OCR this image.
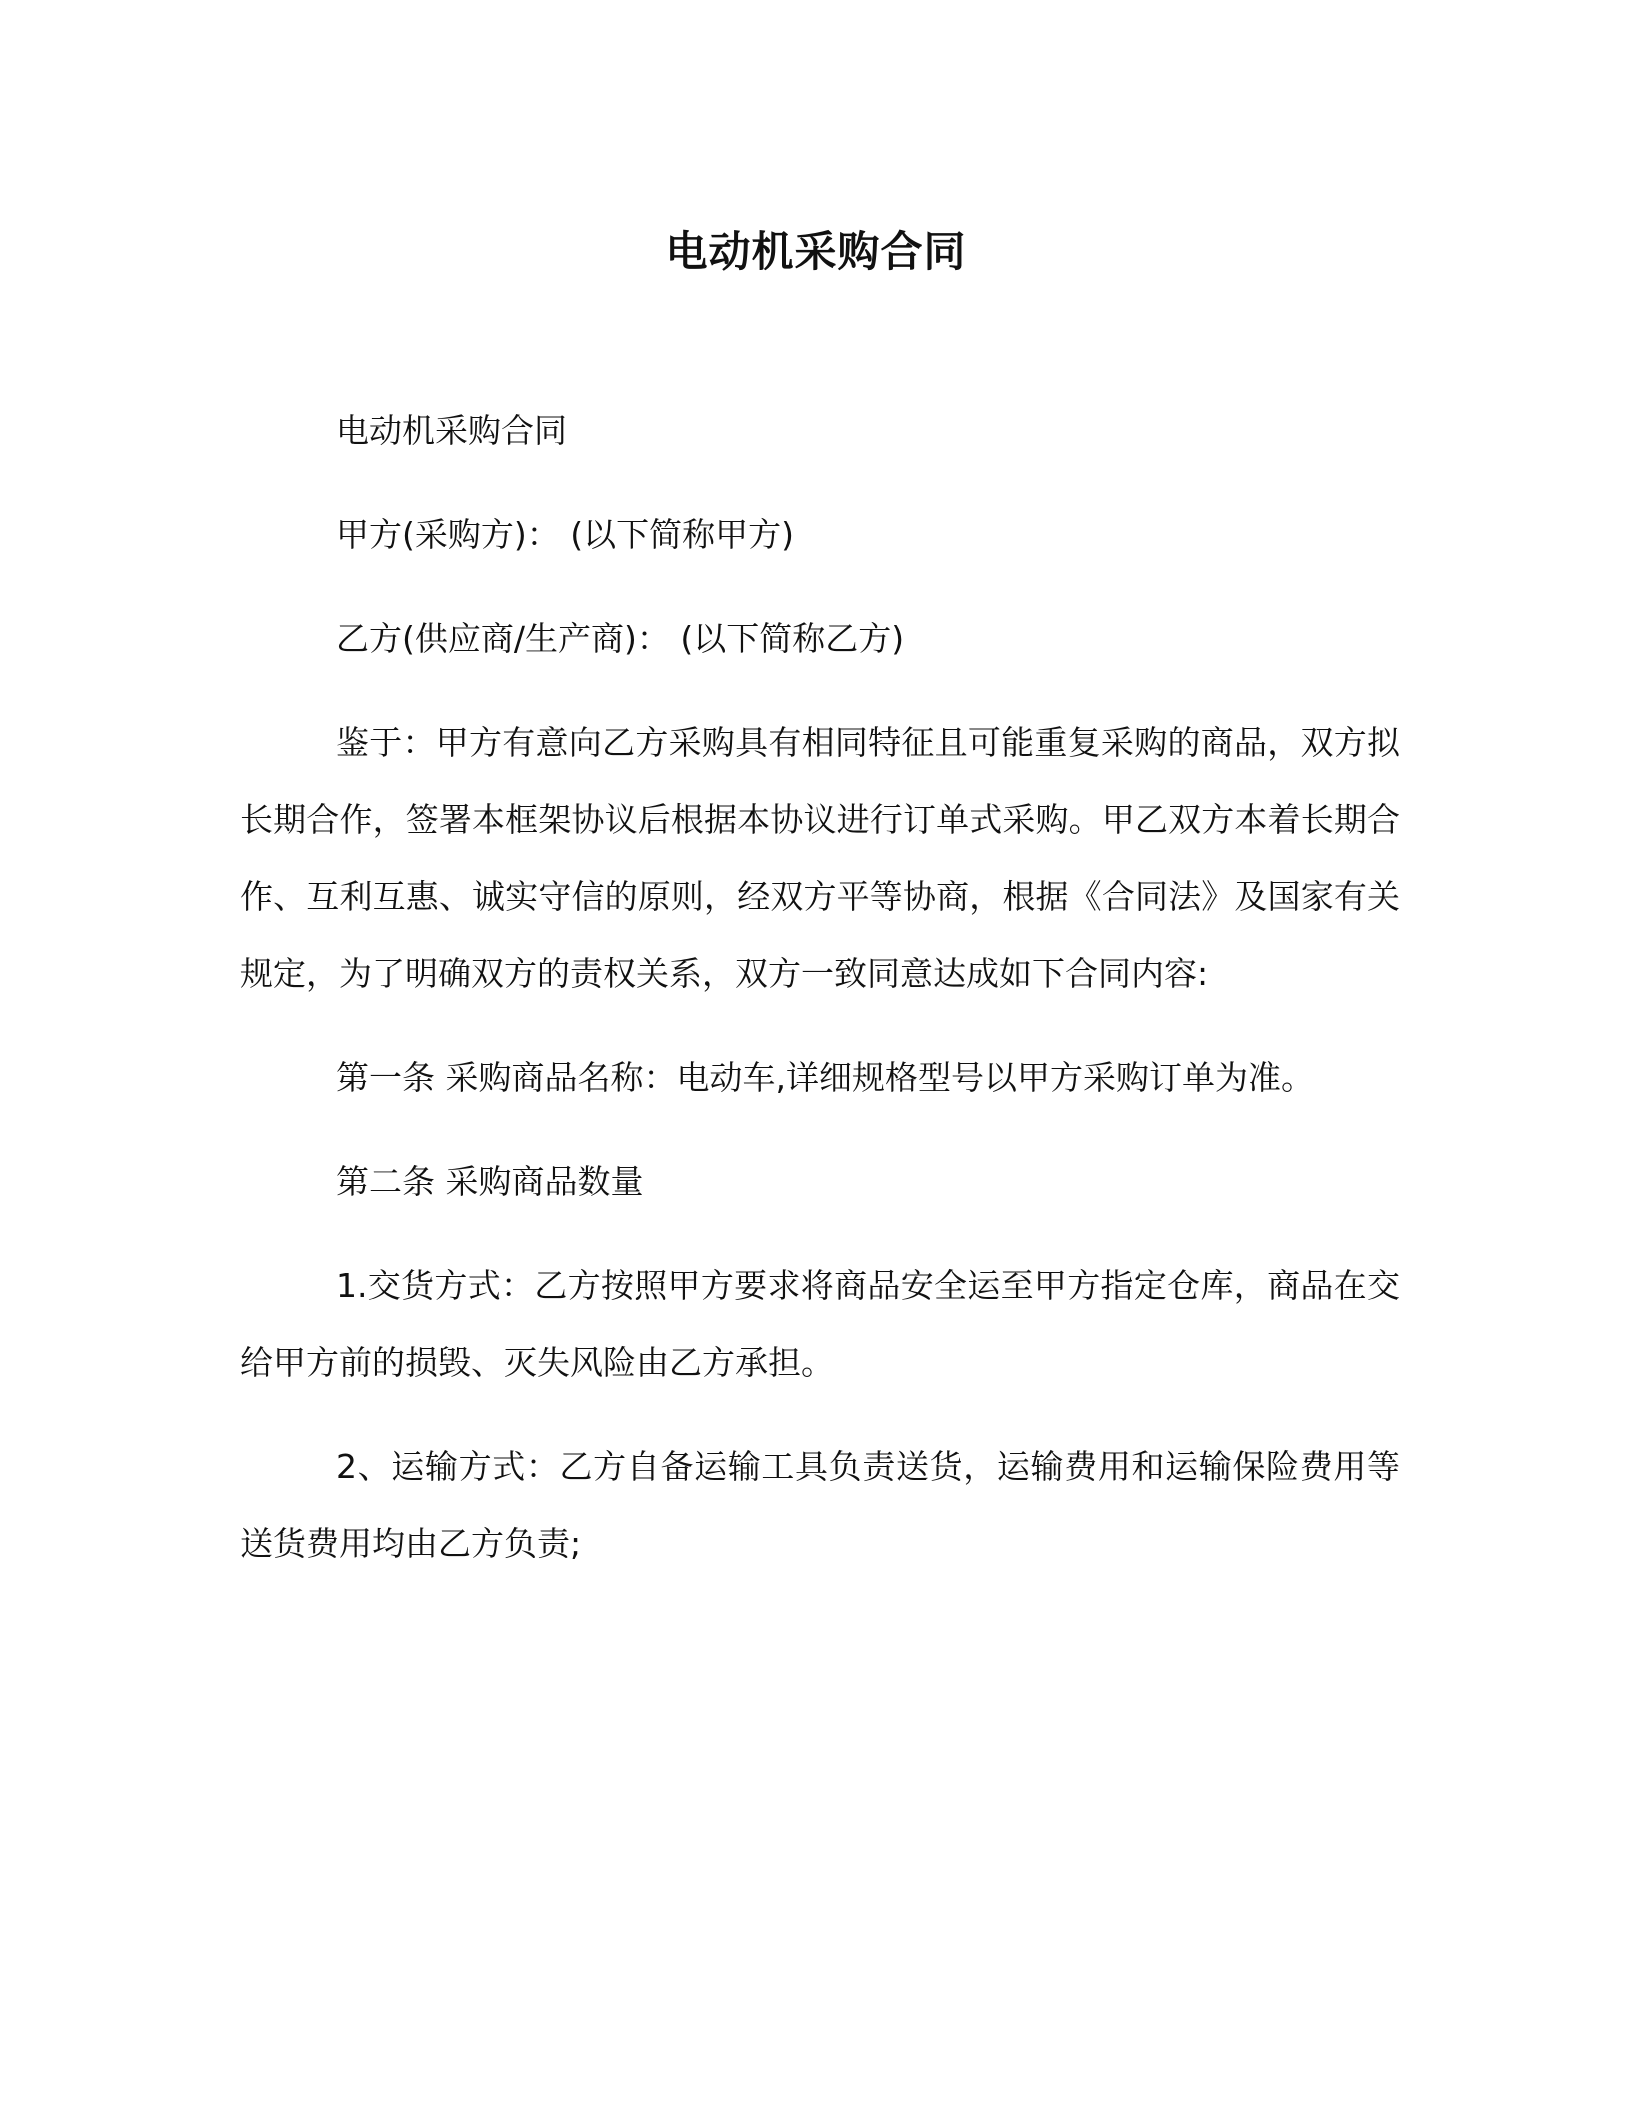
电动机采购合同

电动机采购合同

甲方(采购方)： (以下简称甲方)

乙方(供应商/生产商)： (以下简称乙方)

鉴于：甲方有意向乙方采购具有相同特征且可能重复采购的商品，双方拟长期合作，签署本框架协议后根据本协议进行订单式采购。甲乙双方本着长期合作、互利互惠、诚实守信的原则，经双方平等协商，根据《合同法》及国家有关规定，为了明确双方的责权关系，双方一致同意达成如下合同内容:

第一条 采购商品名称：电动车,详细规格型号以甲方采购订单为准。

第二条 采购商品数量

1.交货方式：乙方按照甲方要求将商品安全运至甲方指定仓库，商品在交给甲方前的损毁、灭失风险由乙方承担。

2、运输方式：乙方自备运输工具负责送货，运输费用和运输保险费用等送货费用均由乙方负责;
